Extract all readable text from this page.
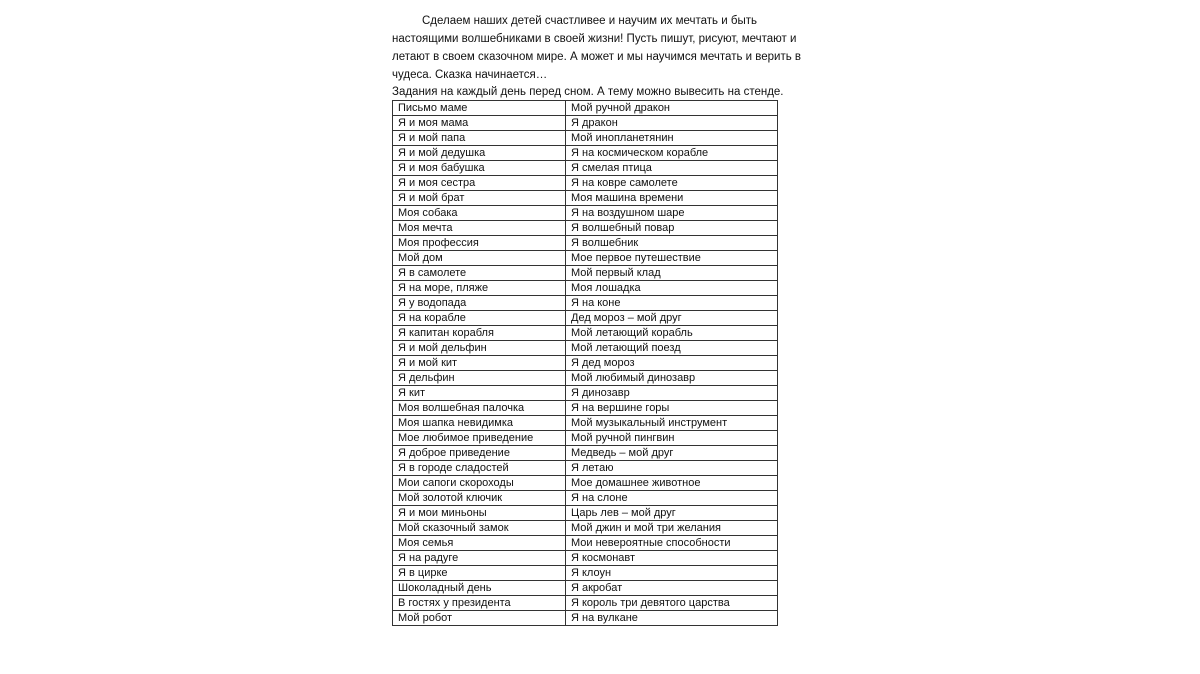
Сделаем наших детей счастливее и научим их мечтать и быть настоящими волшебниками в своей жизни! Пусть пишут, рисуют, мечтают и летают в своем сказочном мире. А может и мы научимся мечтать и верить в чудеса. Сказка начинается…

Задания на каждый день перед сном. А тему можно вывесить на стенде.

Письмо маме	Мой ручной дракон
Я и моя мама	Я дракон
Я и мой папа	Мой инопланетянин
Я и мой дедушка	Я на космическом корабле
Я и моя бабушка	Я смелая птица
Я и моя сестра	Я на ковре самолете
Я и мой брат	Моя машина времени
Моя собака	Я на воздушном шаре
Моя мечта	Я волшебный повар
Моя профессия	Я волшебник
Мой дом	Мое первое путешествие
Я в самолете	Мой первый клад
Я на море, пляже	Моя лошадка
Я у водопада	Я на коне
Я на корабле	Дед мороз – мой друг
Я капитан корабля	Мой летающий корабль
Я и мой дельфин	Мой летающий поезд
Я и мой кит	Я дед мороз
Я дельфин	Мой любимый динозавр
Я кит	Я динозавр
Моя волшебная палочка	Я на вершине горы
Моя шапка невидимка	Мой музыкальный инструмент
Мое любимое приведение	Мой ручной пингвин
Я доброе приведение	Медведь – мой друг
Я в городе сладостей	Я летаю
Мои сапоги скороходы	Мое домашнее животное
Мой золотой ключик	Я на слоне
Я и мои миньоны	Царь лев – мой друг
Мой сказочный замок	Мой джин и мой три желания
Моя семья	Мои невероятные способности
Я на радуге	Я космонавт
Я в цирке	Я клоун
Шоколадный день	Я акробат
В гостях у президента	Я король три девятого царства
Мой робот	Я на вулкане
